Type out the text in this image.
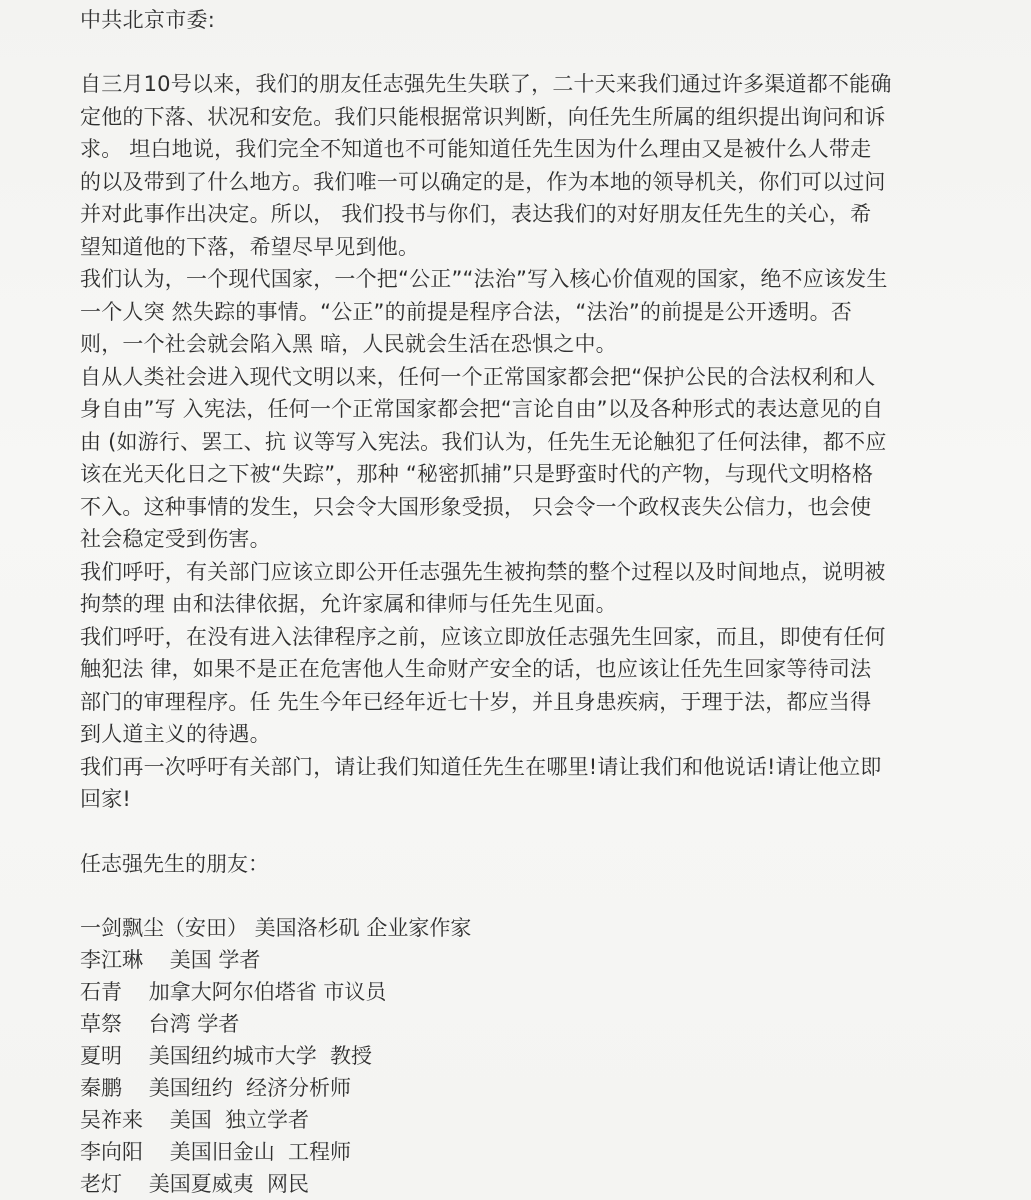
中共北京市委:

自三月10号以来，我们的朋友任志强先生失联了，二十天来我们通过许多渠道都不能确
定他的下落、状况和安危。我们只能根据常识判断，向任先生所属的组织提出询问和诉
求。 坦白地说，我们完全不知道也不可能知道任先生因为什么理由又是被什么人带走
的以及带到了什么地方。我们唯一可以确定的是，作为本地的领导机关，你们可以过问
并对此事作出决定。所以， 我们投书与你们，表达我们的对好朋友任先生的关心，希
望知道他的下落，希望尽早见到他。

我们认为，一个现代国家，一个把“公正”“法治”写入核心价值观的国家，绝不应该发生
一个人突 然失踪的事情。“公正”的前提是程序合法，“法治”的前提是公开透明。否
则，一个社会就会陷入黑 暗，人民就会生活在恐惧之中。

自从人类社会进入现代文明以来，任何一个正常国家都会把“保护公民的合法权利和人
身自由”写 入宪法，任何一个正常国家都会把“言论自由”以及各种形式的表达意见的自
由 (如游行、罢工、抗 议等写入宪法。我们认为，任先生无论触犯了任何法律，都不应
该在光天化日之下被“失踪”，那种 “秘密抓捕”只是野蛮时代的产物，与现代文明格格
不入。这种事情的发生，只会令大国形象受损， 只会令一个政权丧失公信力，也会使
社会稳定受到伤害。

我们呼吁，有关部门应该立即公开任志强先生被拘禁的整个过程以及时间地点，说明被
拘禁的理 由和法律依据，允许家属和律师与任先生见面。

我们呼吁，在没有进入法律程序之前，应该立即放任志强先生回家，而且，即使有任何
触犯法 律，如果不是正在危害他人生命财产安全的话，也应该让任先生回家等待司法
部门的审理程序。任 先生今年已经年近七十岁，并且身患疾病，于理于法，都应当得
到人道主义的待遇。

我们再一次呼吁有关部门，请让我们知道任先生在哪里!请让我们和他说话!请让他立即
回家!

任志强先生的朋友：
一剑飘尘（安田） 美国洛杉矶 企业家作家
李江琳    美国 学者
石青    加拿大阿尔伯塔省 市议员
草祭    台湾 学者
夏明    美国纽约城市大学  教授
秦鹏    美国纽约  经济分析师
吴祚来    美国  独立学者
李向阳    美国旧金山  工程师
老灯    美国夏威夷  网民
